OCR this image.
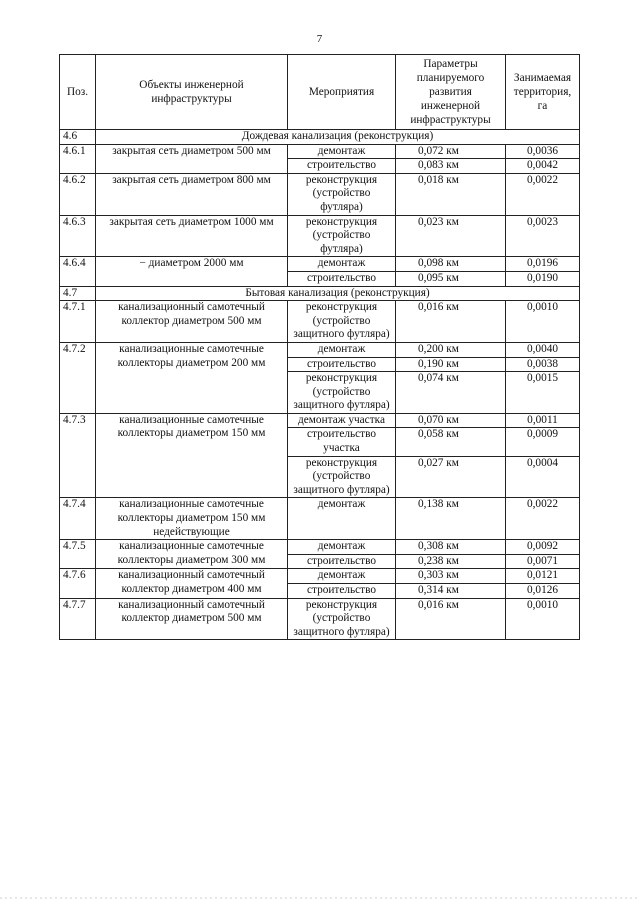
7
Поз.	Объекты инженерной инфраструктуры	Мероприятия	Параметры планируемого развития инженерной инфраструктуры	Занимаемая территория, га
4.6	Дождевая канализация (реконструкция)			
4.6.1	закрытая сеть диаметром 500 мм	демонтаж	0,072 км	0,0036
		строительство	0,083 км	0,0042
4.6.2	закрытая сеть диаметром 800 мм	реконструкция (устройство футляра)	0,018 км	0,0022
4.6.3	закрытая сеть диаметром 1000 мм	реконструкция (устройство футляра)	0,023 км	0,0023
4.6.4	− диаметром 2000 мм	демонтаж	0,098 км	0,0196
		строительство	0,095 км	0,0190
4.7	Бытовая канализация (реконструкция)			
4.7.1	канализационный самотечный коллектор диаметром 500 мм	реконструкция (устройство защитного футляра)	0,016 км	0,0010
4.7.2	канализационные самотечные коллекторы диаметром 200 мм	демонтаж	0,200 км	0,0040
		строительство	0,190 км	0,0038
		реконструкция (устройство защитного футляра)	0,074 км	0,0015
4.7.3	канализационные самотечные коллекторы диаметром 150 мм	демонтаж участка	0,070 км	0,0011
		строительство участка	0,058 км	0,0009
		реконструкция (устройство защитного футляра)	0,027 км	0,0004
4.7.4	канализационные самотечные коллекторы диаметром 150 мм недействующие	демонтаж	0,138 км	0,0022
4.7.5	канализационные самотечные коллекторы диаметром 300 мм	демонтаж	0,308 км	0,0092
		строительство	0,238 км	0,0071
4.7.6	канализационный самотечный коллектор диаметром 400 мм	демонтаж	0,303 км	0,0121
		строительство	0,314 км	0,0126
4.7.7	канализационный самотечный коллектор диаметром 500 мм	реконструкция (устройство защитного футляра)	0,016 км	0,0010
